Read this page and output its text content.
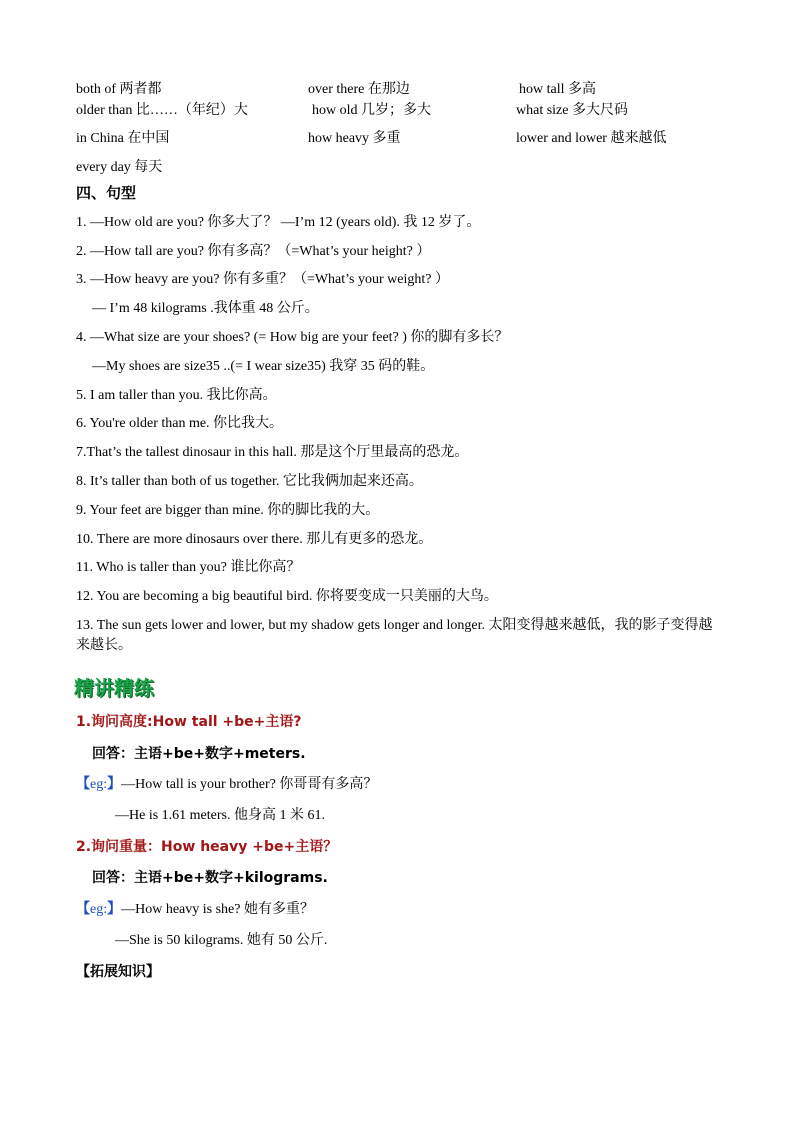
both of 两者都	over there 在那边	how tall 多高
older than 比……（年纪）大	how old 几岁；多大	what size 多大尺码
in China 在中国	how heavy 多重	lower and lower 越来越低
every day 每天
四、句型
1. —How old are you? 你多大了？ —I’m 12 (years old). 我 12 岁了。
2. —How tall are you? 你有多高？（=What’s your height? ）
3. —How heavy are you? 你有多重？（=What’s your weight? ）
— I’m 48 kilograms .我体重 48 公斤。
4. —What size are your shoes? (= How big are your feet? ) 你的脚有多长？
—My shoes are size35 ..(= I wear size35) 我穿 35 码的鞋。
5. I am taller than you. 我比你高。
6. You're older than me. 你比我大。
7.That’s the tallest dinosaur in this hall. 那是这个厅里最高的恐龙。
8. It’s taller than both of us together. 它比我俩加起来还高。
9. Your feet are bigger than mine. 你的脚比我的大。
10. There are more dinosaurs over there. 那儿有更多的恐龙。
11. Who is taller than you? 谁比你高？
12. You are becoming a big beautiful bird. 你将要变成一只美丽的大鸟。
13. The sun gets lower and lower, but my shadow gets longer and longer. 太阳变得越来越低，我的影子变得越来越长。
精讲精练
1.询问高度:How tall +be+主语?
回答：主语+be+数字+meters.
【eg:】—How tall is your brother? 你哥哥有多高？
—He is 1.61 meters. 他身高 1 米 61.
2.询问重量：How heavy +be+主语？
回答：主语+be+数字+kilograms.
【eg:】—How heavy is she? 她有多重？
—She is 50 kilograms. 她有 50 公斤.
【拓展知识】
